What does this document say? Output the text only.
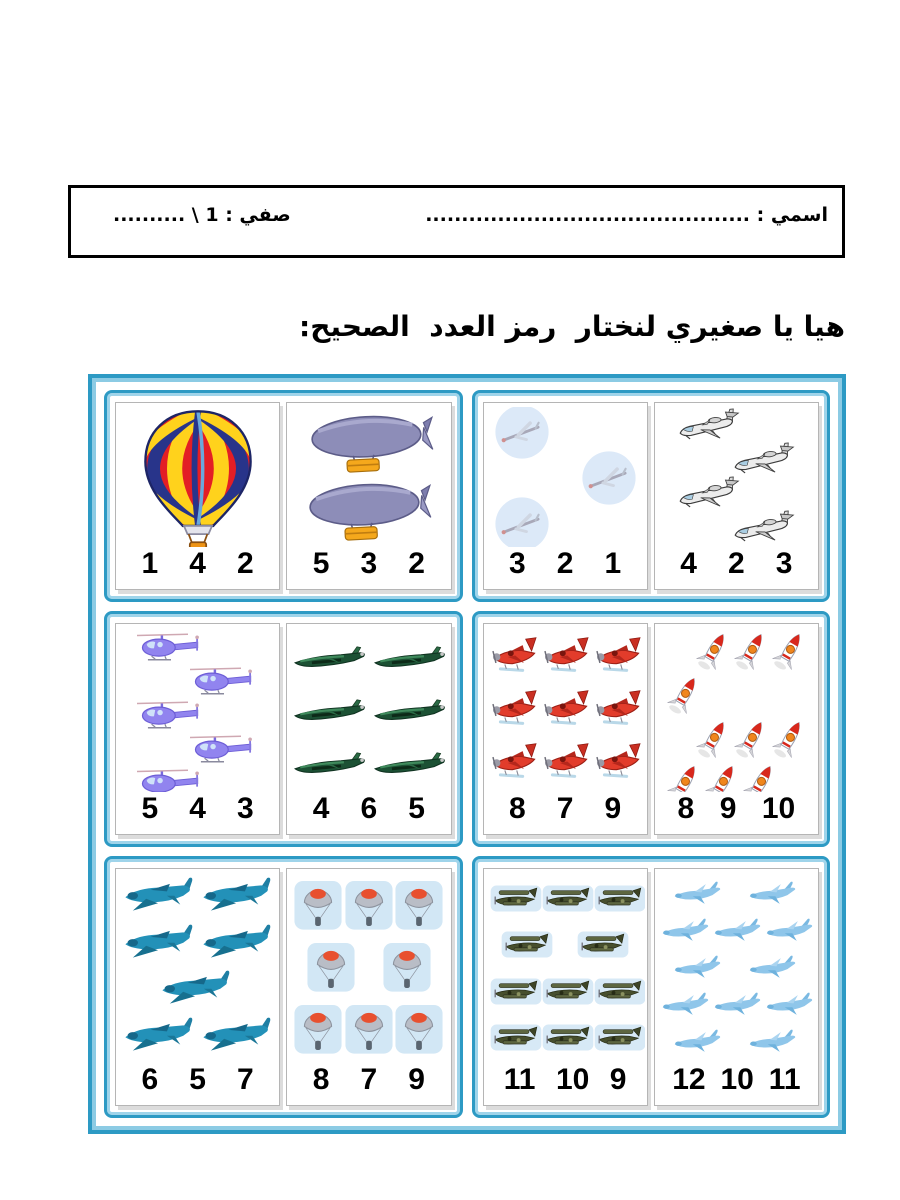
اسمي : .............................................
صفي : 1 \ ..........
هيا يا صغيري لنختار  رمز العدد  الصحيح:
1 4 2 5 3 2	3 2 1 4 2 3
5 4 3 4 6 5	8 7 9 8 9 10
6 5 7 8 7 9	11 10 9 12 10 11
